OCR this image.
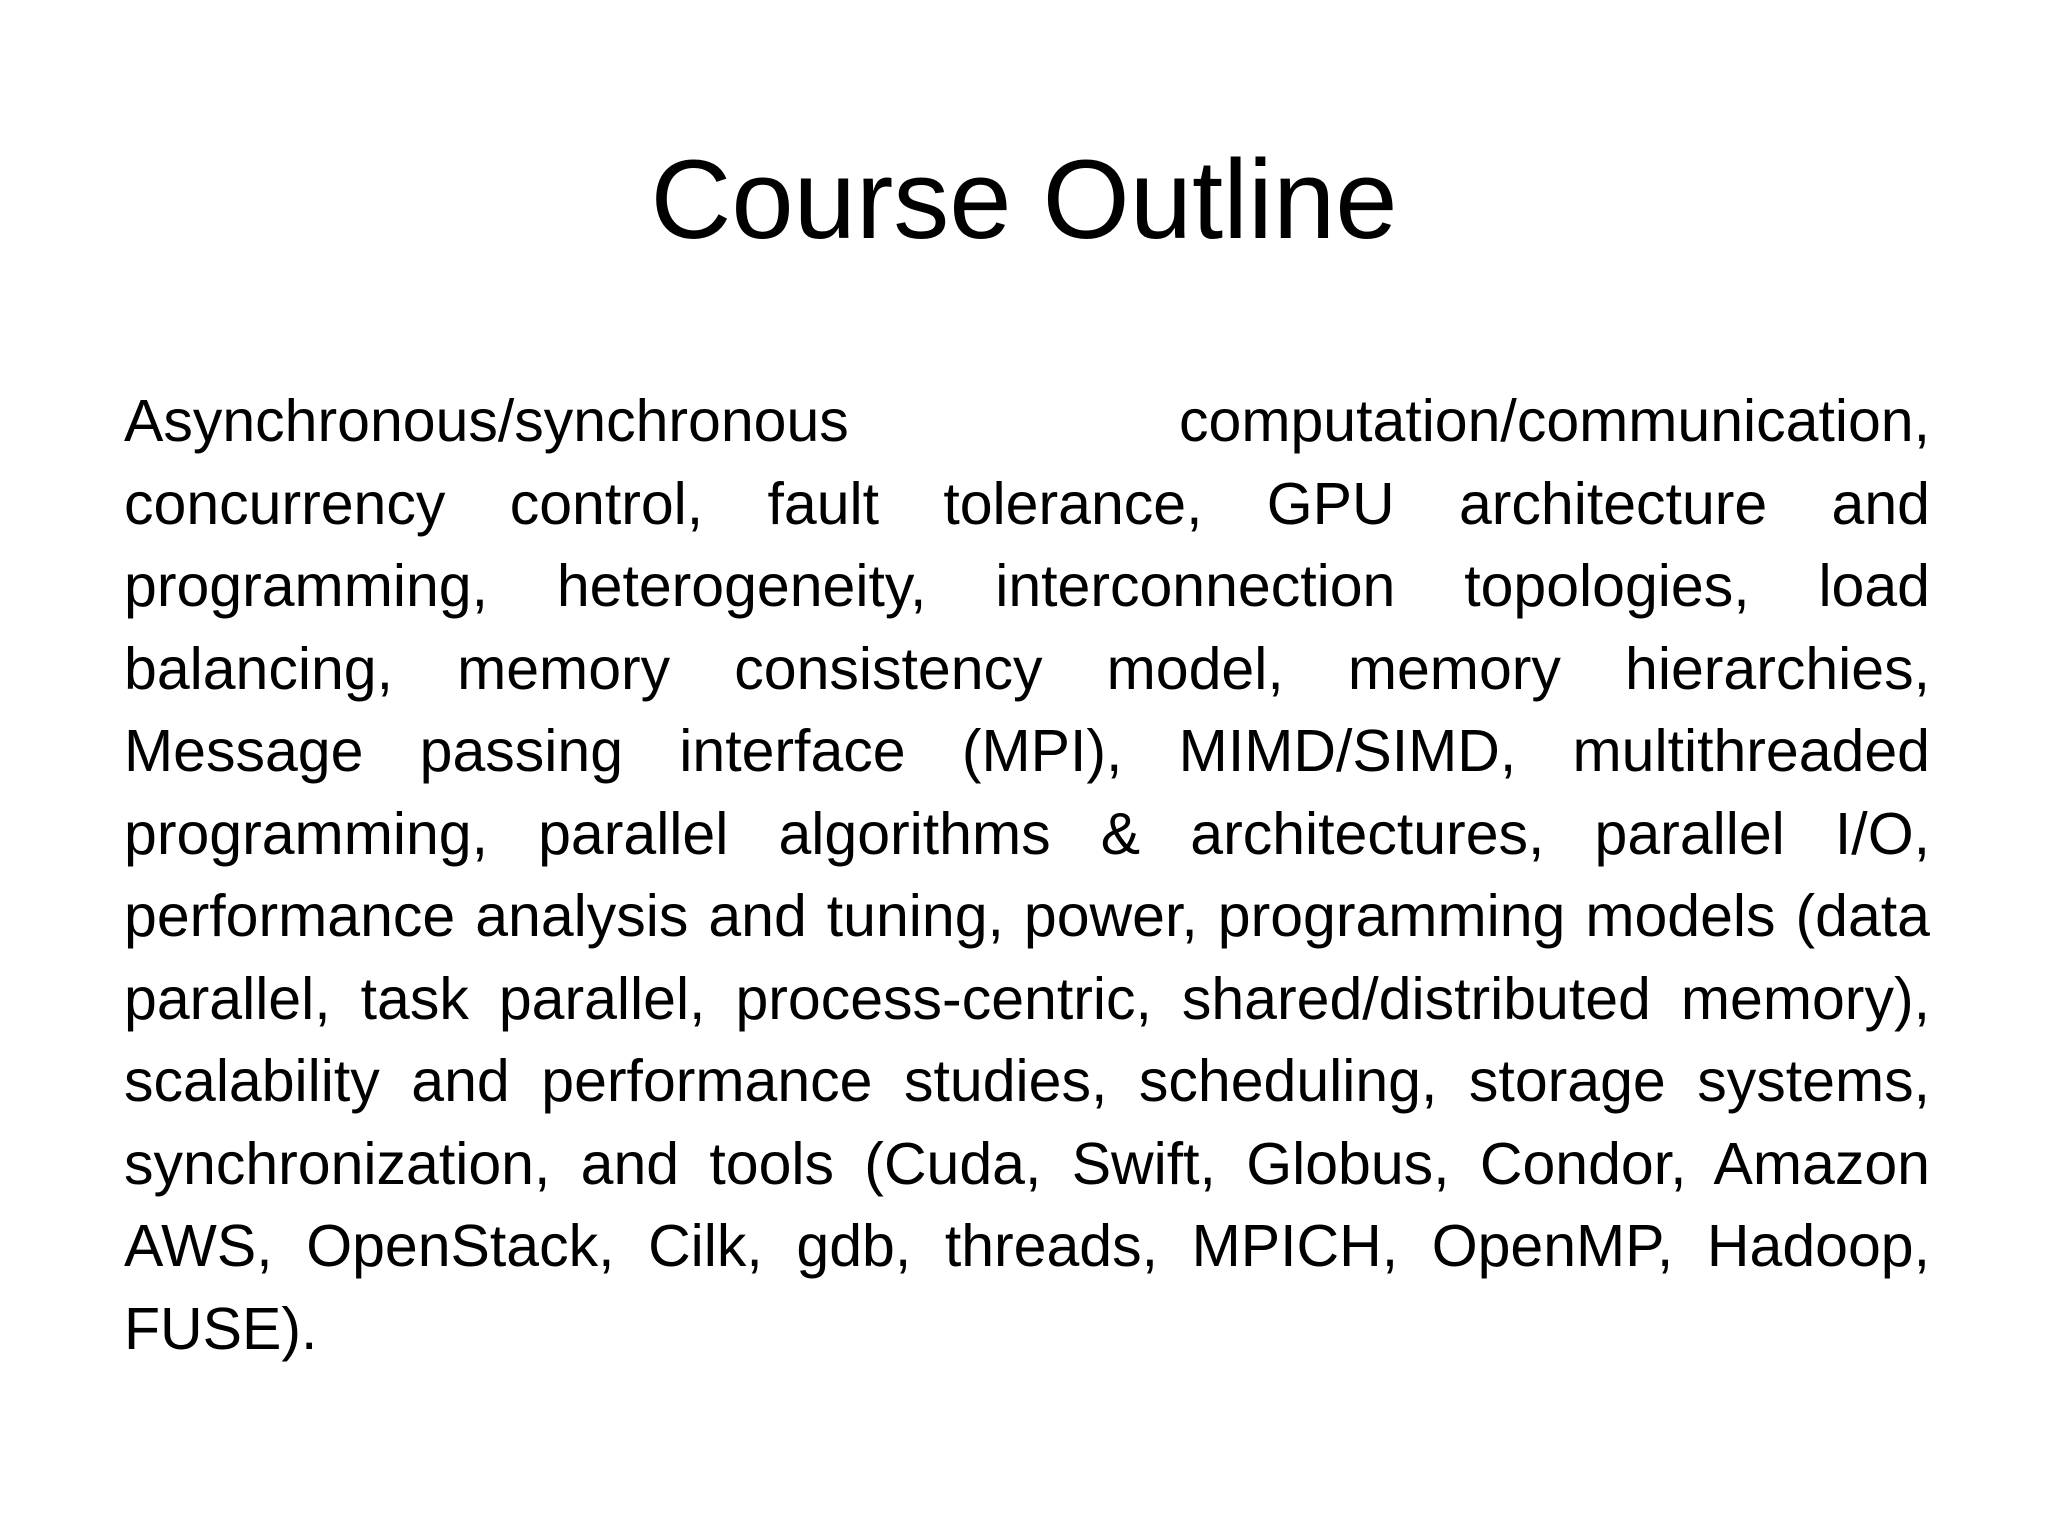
Course Outline

Asynchronous/synchronous computation/communication, concurrency control, fault tolerance, GPU architecture and programming, heterogeneity, interconnection topologies, load balancing, memory consistency model, memory hierarchies, Message passing interface (MPI), MIMD/SIMD, multithreaded programming, parallel algorithms & architectures, parallel I/O, performance analysis and tuning, power, programming models (data parallel, task parallel, process-centric, shared/distributed memory), scalability and performance studies, scheduling, storage systems, synchronization, and tools (Cuda, Swift, Globus, Condor, Amazon AWS, OpenStack, Cilk, gdb, threads, MPICH, OpenMP, Hadoop, FUSE).
